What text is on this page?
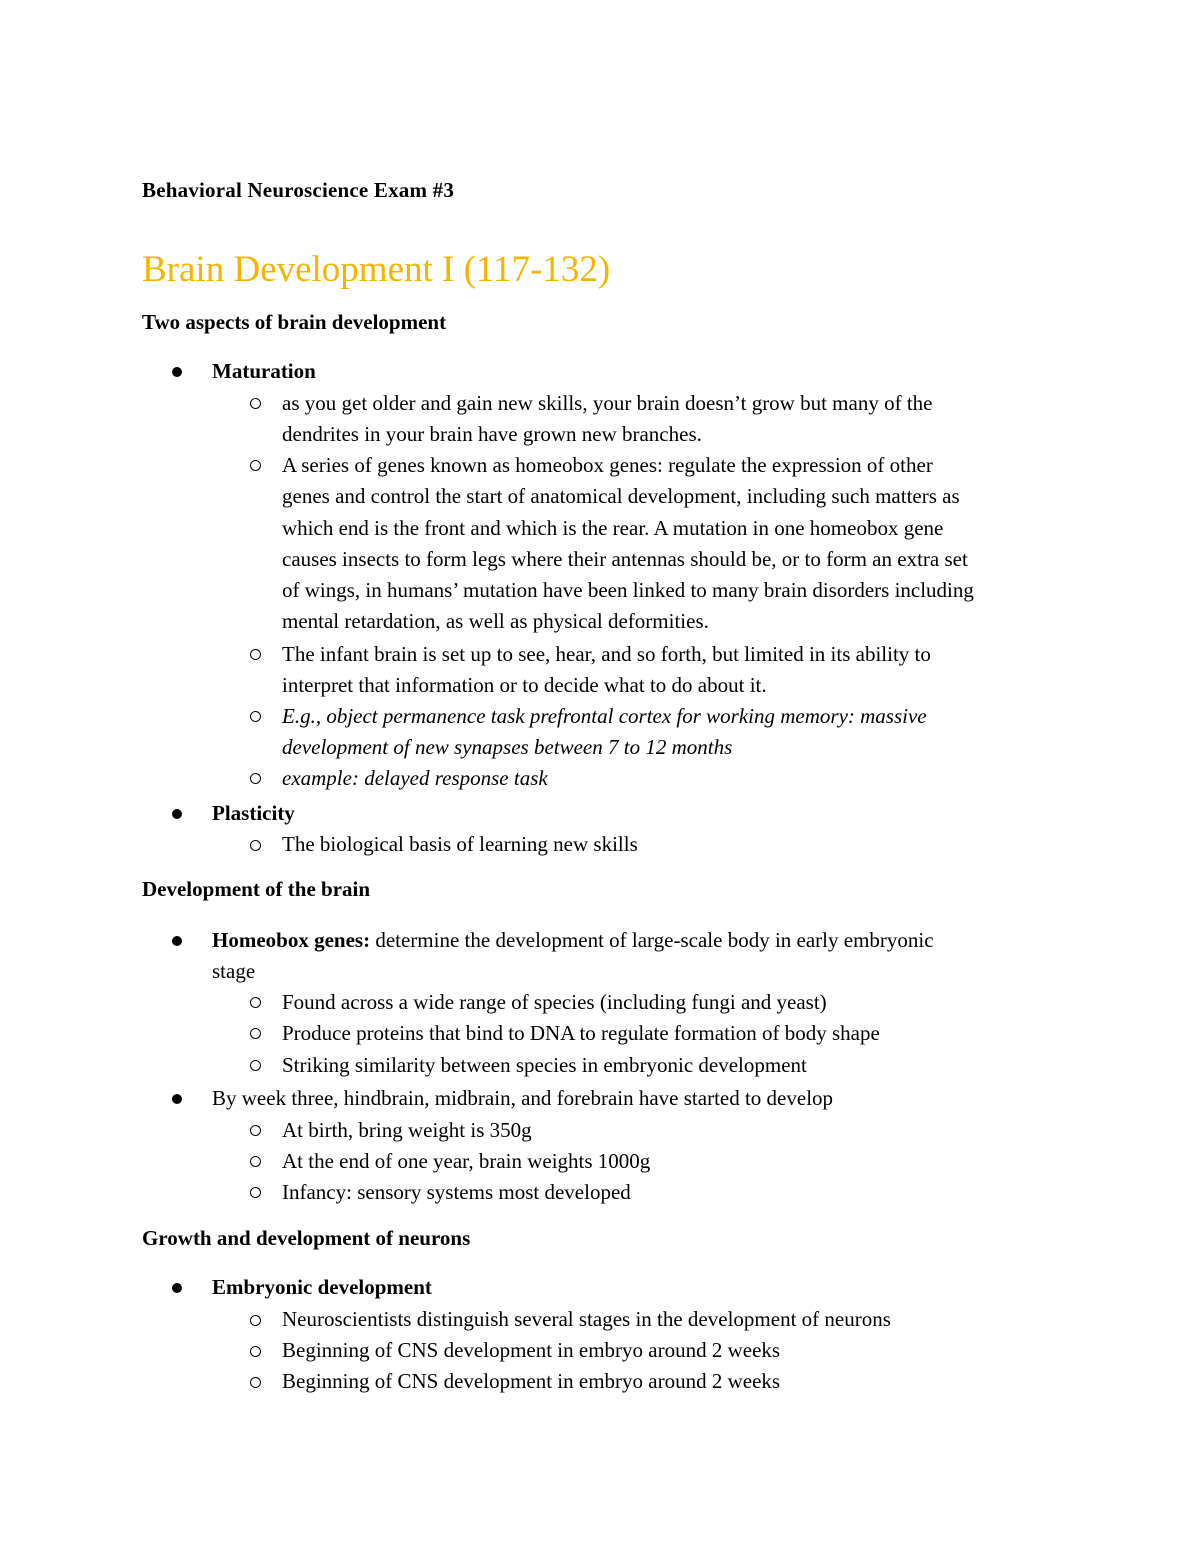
Behavioral Neuroscience Exam #3
Brain Development I (117-132)
Two aspects of brain development
Maturation
as you get older and gain new skills, your brain doesn’t grow but many of the
dendrites in your brain have grown new branches.
A series of genes known as homeobox genes: regulate the expression of other
genes and control the start of anatomical development, including such matters as
which end is the front and which is the rear. A mutation in one homeobox gene
causes insects to form legs where their antennas should be, or to form an extra set
of wings, in humans’ mutation have been linked to many brain disorders including
mental retardation, as well as physical deformities.
The infant brain is set up to see, hear, and so forth, but limited in its ability to
interpret that information or to decide what to do about it.
E.g., object permanence task prefrontal cortex for working memory: massive
development of new synapses between 7 to 12 months
example: delayed response task
Plasticity
The biological basis of learning new skills
Development of the brain
Homeobox genes: determine the development of large-scale body in early embryonic
stage
Found across a wide range of species (including fungi and yeast)
Produce proteins that bind to DNA to regulate formation of body shape
Striking similarity between species in embryonic development
By week three, hindbrain, midbrain, and forebrain have started to develop
At birth, bring weight is 350g
At the end of one year, brain weights 1000g
Infancy: sensory systems most developed
Growth and development of neurons
Embryonic development
Neuroscientists distinguish several stages in the development of neurons
Beginning of CNS development in embryo around 2 weeks
Beginning of CNS development in embryo around 2 weeks
